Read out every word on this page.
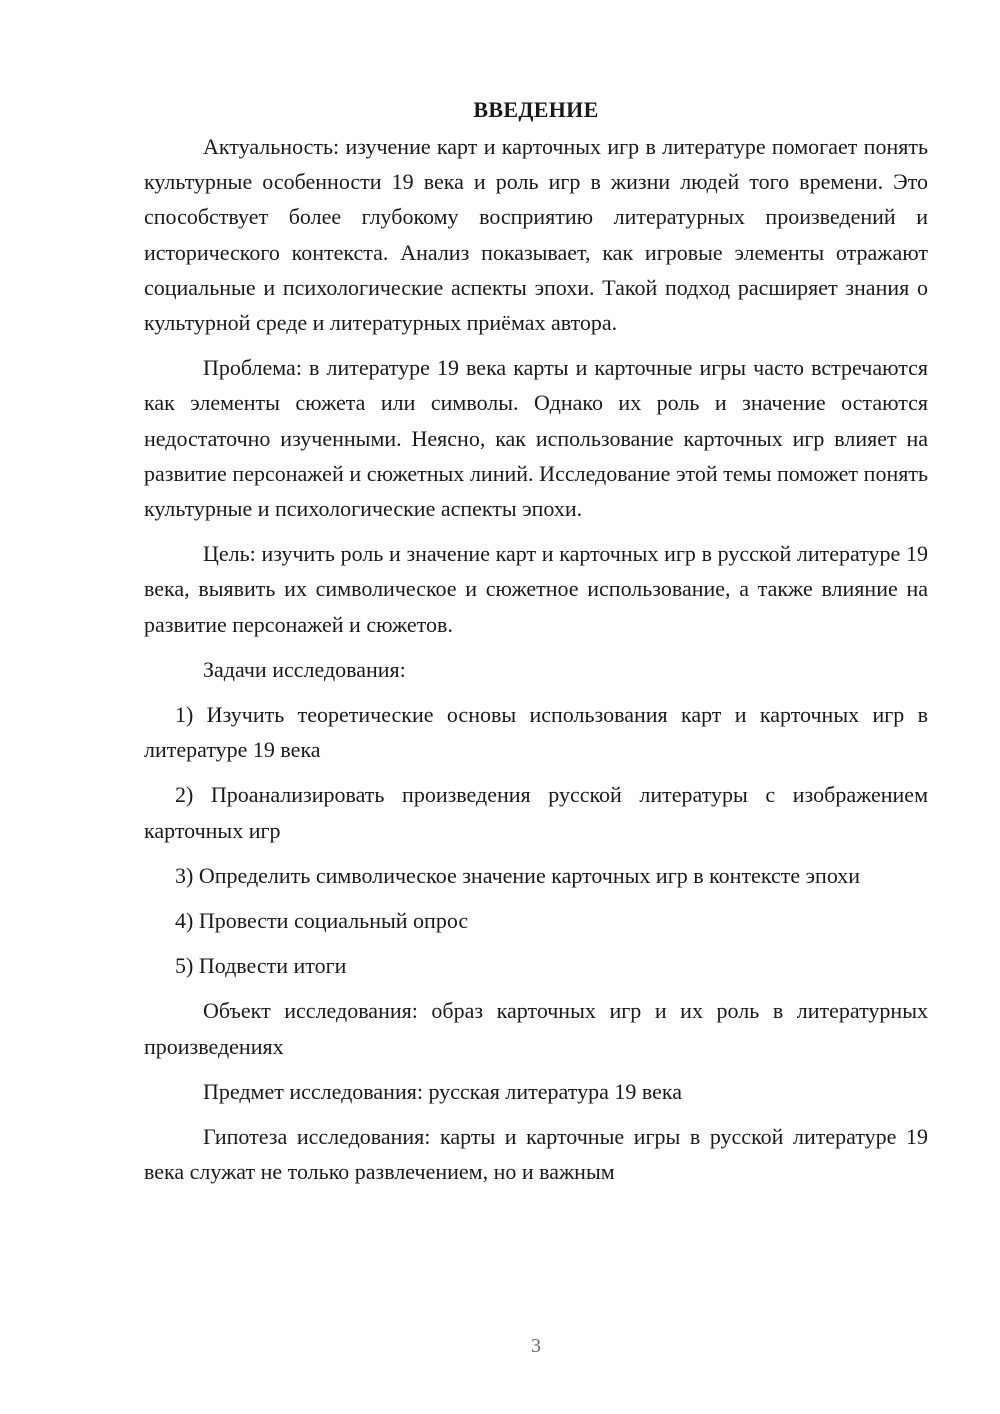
ВВЕДЕНИЕ

Актуальность: изучение карт и карточных игр в литературе помогает понять культурные особенности 19 века и роль игр в жизни людей того времени. Это способствует более глубокому восприятию литературных произведений и исторического контекста. Анализ показывает, как игровые элементы отражают социальные и психологические аспекты эпохи. Такой подход расширяет знания о культурной среде и литературных приёмах автора.

Проблема: в литературе 19 века карты и карточные игры часто встречаются как элементы сюжета или символы. Однако их роль и значение остаются недостаточно изученными. Неясно, как использование карточных игр влияет на развитие персонажей и сюжетных линий. Исследование этой темы поможет понять культурные и психологические аспекты эпохи.

Цель: изучить роль и значение карт и карточных игр в русской литературе 19 века, выявить их символическое и сюжетное использование, а также влияние на развитие персонажей и сюжетов.

Задачи исследования:

1) Изучить теоретические основы использования карт и карточных игр в литературе 19 века

2) Проанализировать произведения русской литературы с изображением карточных игр

3) Определить символическое значение карточных игр в контексте эпохи

4) Провести социальный опрос

5) Подвести итоги

Объект исследования: образ карточных игр и их роль в литературных произведениях

Предмет исследования: русская литература 19 века

Гипотеза исследования: карты и карточные игры в русской литературе 19 века служат не только развлечением, но и важным

3
